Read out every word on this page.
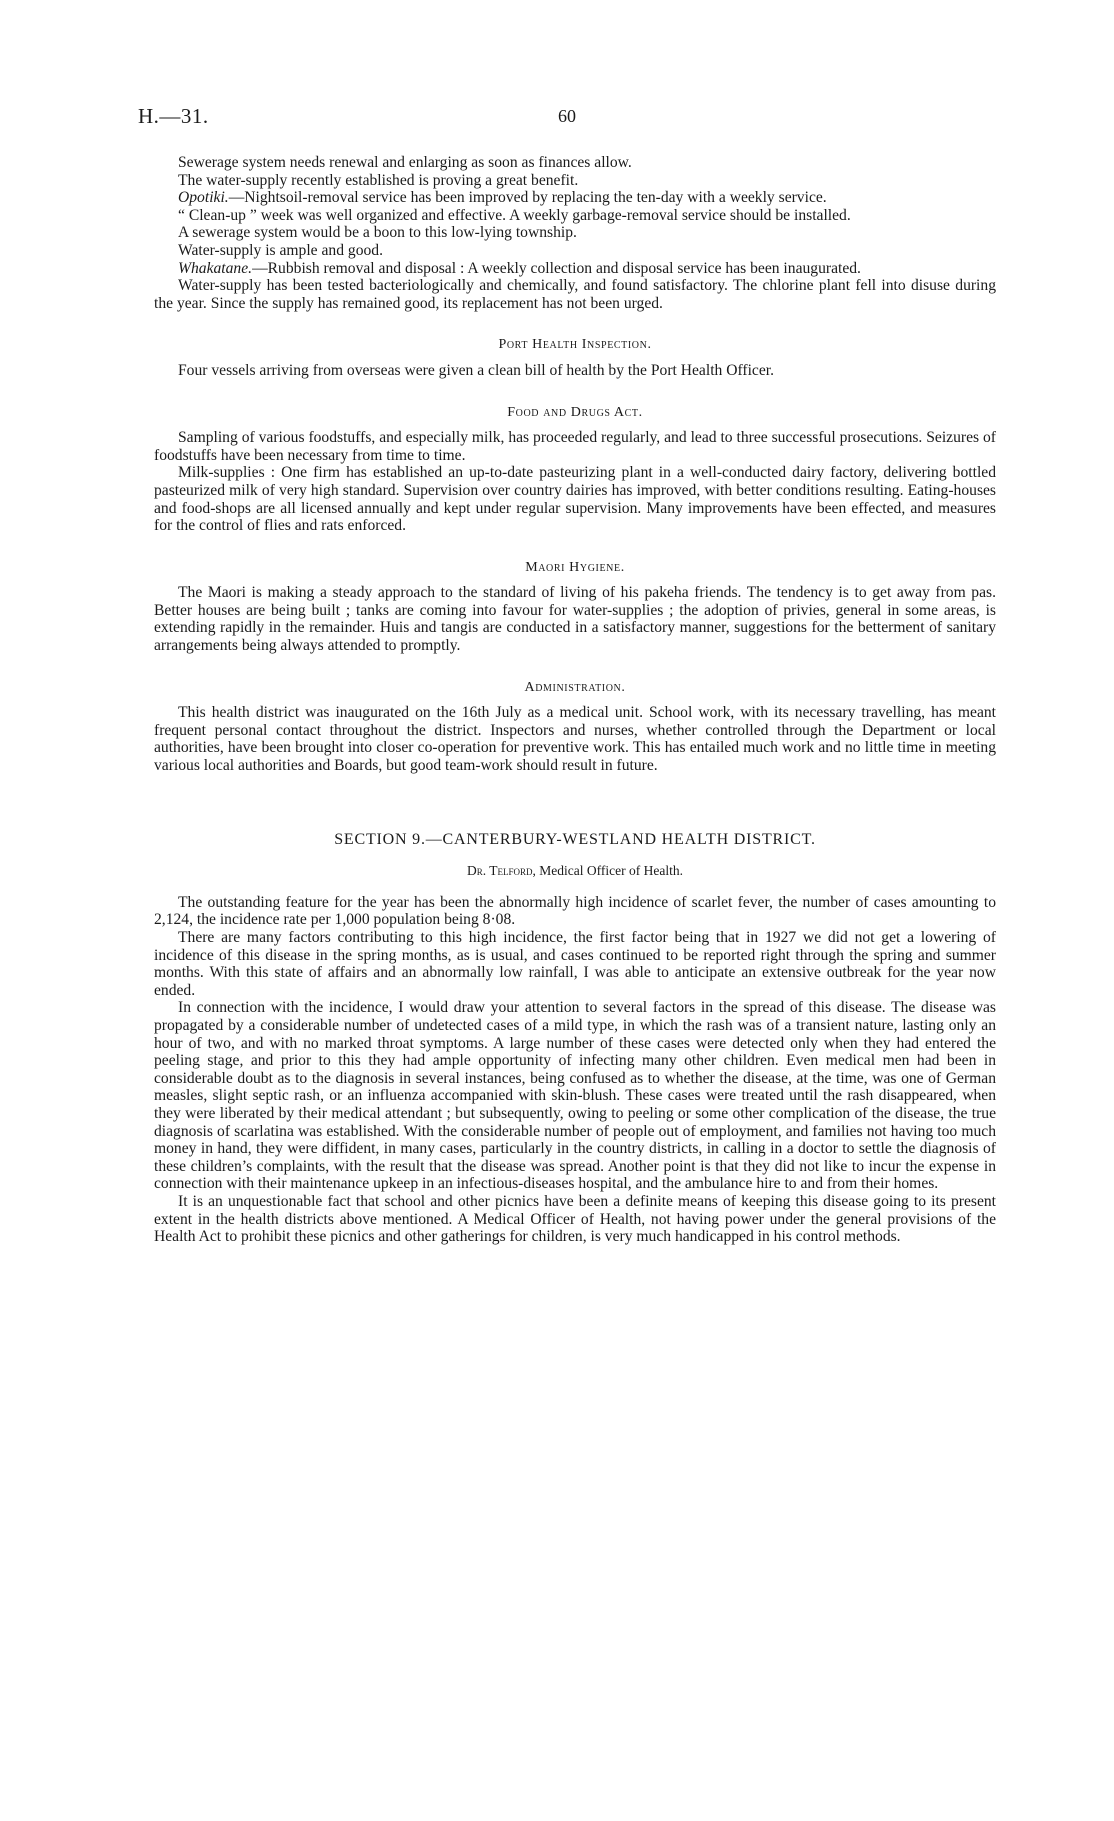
H.—31.	60

Sewerage system needs renewal and enlarging as soon as finances allow.

The water-supply recently established is proving a great benefit.

Opotiki.—Nightsoil-removal service has been improved by replacing the ten-day with a weekly service.

“ Clean-up ” week was well organized and effective. A weekly garbage-removal service should be installed.

A sewerage system would be a boon to this low-lying township.

Water-supply is ample and good.

Whakatane.—Rubbish removal and disposal : A weekly collection and disposal service has been inaugurated.

Water-supply has been tested bacteriologically and chemically, and found satisfactory. The chlorine plant fell into disuse during the year. Since the supply has remained good, its replacement has not been urged.

Port Health Inspection.

Four vessels arriving from overseas were given a clean bill of health by the Port Health Officer.

Food and Drugs Act.

Sampling of various foodstuffs, and especially milk, has proceeded regularly, and lead to three successful prosecutions. Seizures of foodstuffs have been necessary from time to time.

Milk-supplies : One firm has established an up-to-date pasteurizing plant in a well-conducted dairy factory, delivering bottled pasteurized milk of very high standard. Supervision over country dairies has improved, with better conditions resulting. Eating-houses and food-shops are all licensed annually and kept under regular supervision. Many improvements have been effected, and measures for the control of flies and rats enforced.

Maori Hygiene.

The Maori is making a steady approach to the standard of living of his pakeha friends. The tendency is to get away from pas. Better houses are being built ; tanks are coming into favour for water-supplies ; the adoption of privies, general in some areas, is extending rapidly in the remainder. Huis and tangis are conducted in a satisfactory manner, suggestions for the betterment of sanitary arrangements being always attended to promptly.

Administration.

This health district was inaugurated on the 16th July as a medical unit. School work, with its necessary travelling, has meant frequent personal contact throughout the district. Inspectors and nurses, whether controlled through the Department or local authorities, have been brought into closer co-operation for preventive work. This has entailed much work and no little time in meeting various local authorities and Boards, but good team-work should result in future.

SECTION 9.—CANTERBURY-WESTLAND HEALTH DISTRICT.
Dr. Telford, Medical Officer of Health.

The outstanding feature for the year has been the abnormally high incidence of scarlet fever, the number of cases amounting to 2,124, the incidence rate per 1,000 population being 8·08.

There are many factors contributing to this high incidence, the first factor being that in 1927 we did not get a lowering of incidence of this disease in the spring months, as is usual, and cases continued to be reported right through the spring and summer months. With this state of affairs and an abnormally low rainfall, I was able to anticipate an extensive outbreak for the year now ended.

In connection with the incidence, I would draw your attention to several factors in the spread of this disease. The disease was propagated by a considerable number of undetected cases of a mild type, in which the rash was of a transient nature, lasting only an hour of two, and with no marked throat symptoms. A large number of these cases were detected only when they had entered the peeling stage, and prior to this they had ample opportunity of infecting many other children. Even medical men had been in considerable doubt as to the diagnosis in several instances, being confused as to whether the disease, at the time, was one of German measles, slight septic rash, or an influenza accompanied with skin-blush. These cases were treated until the rash disappeared, when they were liberated by their medical attendant ; but subsequently, owing to peeling or some other complication of the disease, the true diagnosis of scarlatina was established. With the considerable number of people out of employment, and families not having too much money in hand, they were diffident, in many cases, particularly in the country districts, in calling in a doctor to settle the diagnosis of these children’s complaints, with the result that the disease was spread. Another point is that they did not like to incur the expense in connection with their maintenance upkeep in an infectious-diseases hospital, and the ambulance hire to and from their homes.

It is an unquestionable fact that school and other picnics have been a definite means of keeping this disease going to its present extent in the health districts above mentioned. A Medical Officer of Health, not having power under the general provisions of the Health Act to prohibit these picnics and other gatherings for children, is very much handicapped in his control methods.
